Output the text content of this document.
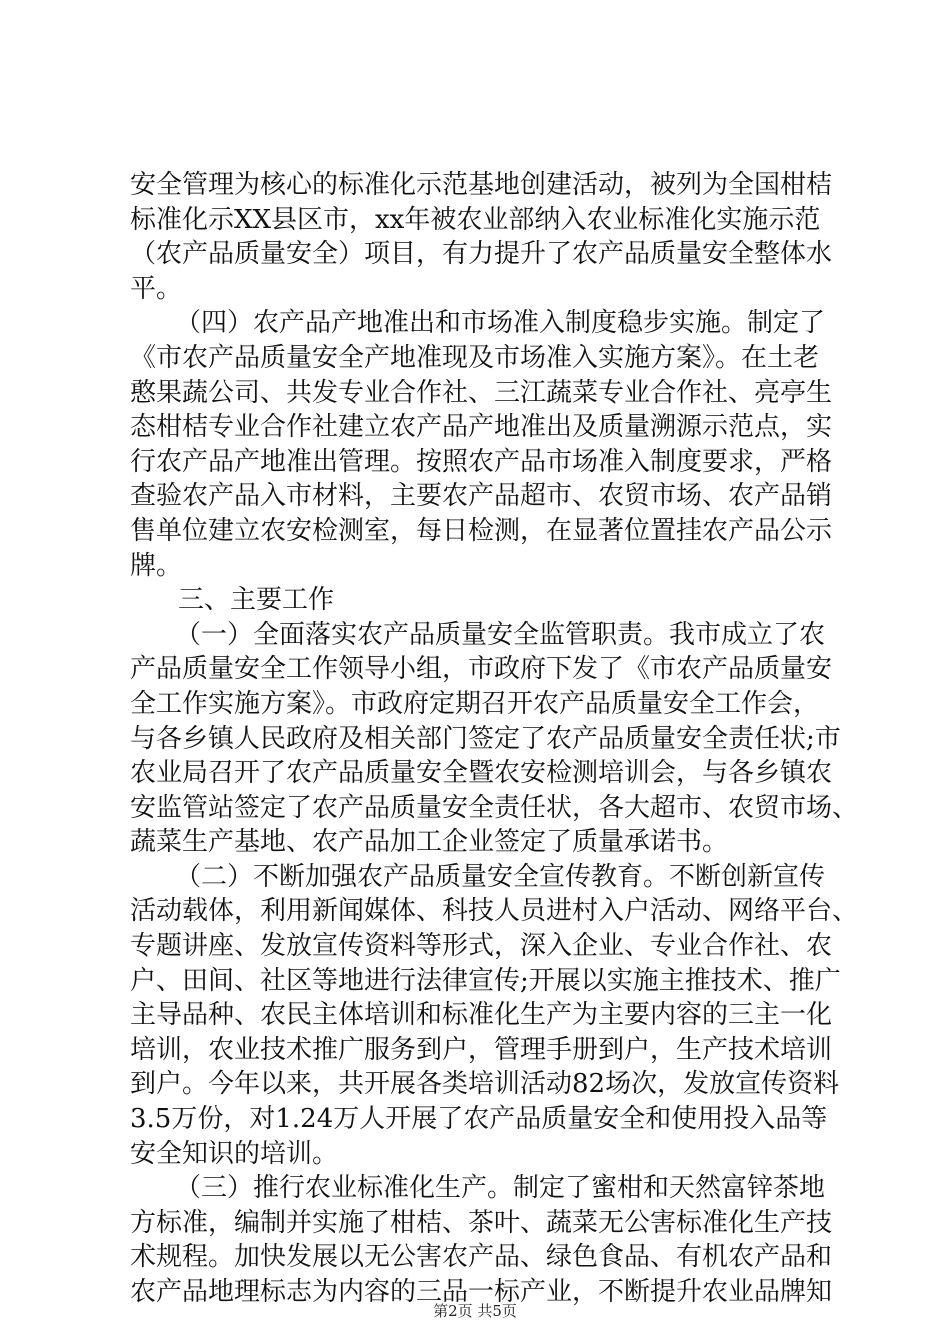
安全管理为核心的标准化示范基地创建活动，被列为全国柑桔
标准化示XX县区市，xx年被农业部纳入农业标准化实施示范
（农产品质量安全）项目，有力提升了农产品质量安全整体水
平。
（四）农产品产地准出和市场准入制度稳步实施。制定了
《市农产品质量安全产地准现及市场准入实施方案》。在土老
憨果蔬公司、共发专业合作社、三江蔬菜专业合作社、亮亭生
态柑桔专业合作社建立农产品产地准出及质量溯源示范点，实
行农产品产地准出管理。按照农产品市场准入制度要求，严格
查验农产品入市材料，主要农产品超市、农贸市场、农产品销
售单位建立农安检测室，每日检测，在显著位置挂农产品公示
牌。
三、主要工作
（一）全面落实农产品质量安全监管职责。我市成立了农
产品质量安全工作领导小组，市政府下发了《市农产品质量安
全工作实施方案》。市政府定期召开农产品质量安全工作会，
与各乡镇人民政府及相关部门签定了农产品质量安全责任状;市
农业局召开了农产品质量安全暨农安检测培训会，与各乡镇农
安监管站签定了农产品质量安全责任状，各大超市、农贸市场、
蔬菜生产基地、农产品加工企业签定了质量承诺书。
（二）不断加强农产品质量安全宣传教育。不断创新宣传
活动载体，利用新闻媒体、科技人员进村入户活动、网络平台、
专题讲座、发放宣传资料等形式，深入企业、专业合作社、农
户、田间、社区等地进行法律宣传;开展以实施主推技术、推广
主导品种、农民主体培训和标准化生产为主要内容的三主一化
培训，农业技术推广服务到户，管理手册到户，生产技术培训
到户。今年以来，共开展各类培训活动82场次，发放宣传资料
3.5万份，对1.24万人开展了农产品质量安全和使用投入品等
安全知识的培训。
（三）推行农业标准化生产。制定了蜜柑和天然富锌茶地
方标准，编制并实施了柑桔、茶叶、蔬菜无公害标准化生产技
术规程。加快发展以无公害农产品、绿色食品、有机农产品和
农产品地理标志为内容的三品一标产业，不断提升农业品牌知
第2页 共5页
